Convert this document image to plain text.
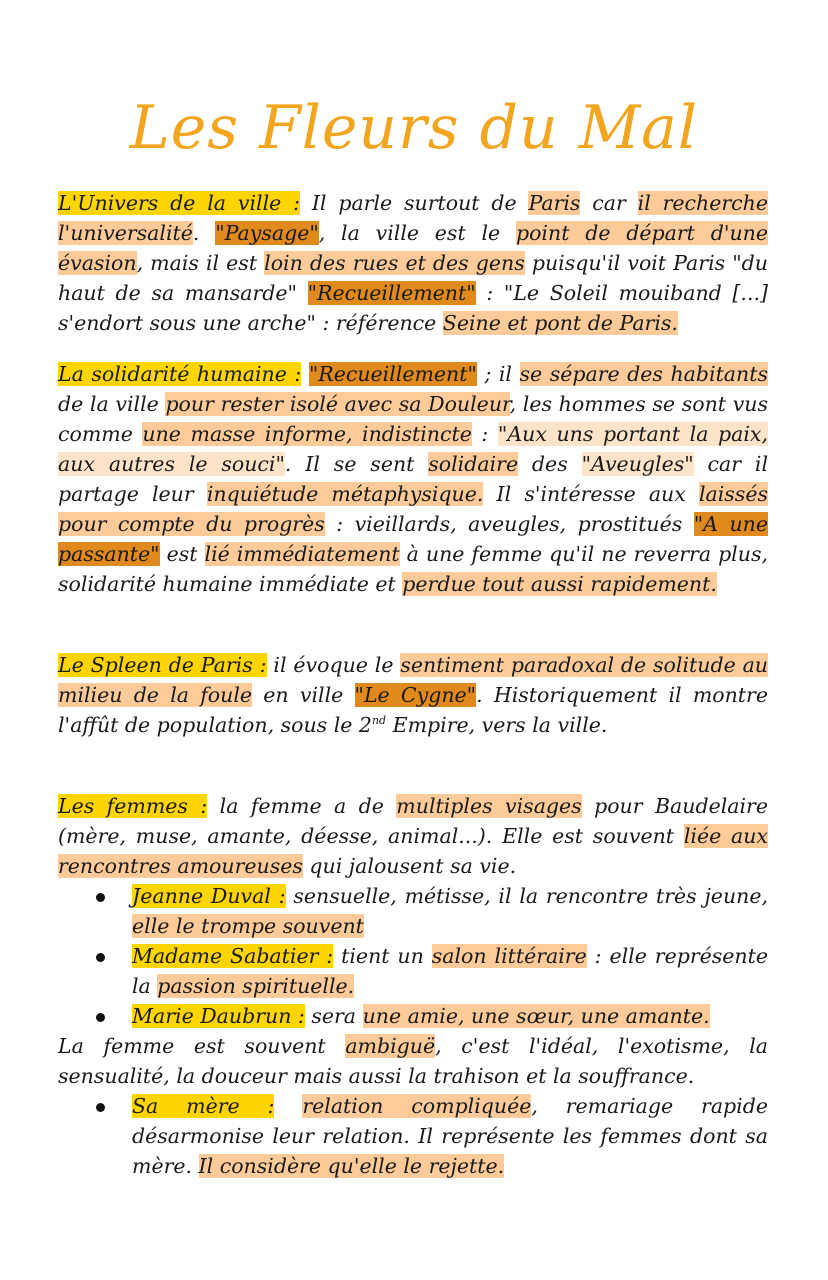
Les Fleurs du Mal
L'Univers de la ville : Il parle surtout de Paris car il recherche l'universalité. "Paysage", la ville est le point de départ d'une évasion, mais il est loin des rues et des gens puisqu'il voit Paris "du haut de sa mansarde" "Recueillement" : "Le Soleil mouiband [...] s'endort sous une arche" : référence Seine et pont de Paris.
La solidarité humaine : "Recueillement" ; il se sépare des habitants de la ville pour rester isolé avec sa Douleur, les hommes se sont vus comme une masse informe, indistincte : "Aux uns portant la paix, aux autres le souci". Il se sent solidaire des "Aveugles" car il partage leur inquiétude métaphysique. Il s'intéresse aux laissés pour compte du progrès : vieillards, aveugles, prostitués "A une passante" est lié immédiatement à une femme qu'il ne reverra plus, solidarité humaine immédiate et perdue tout aussi rapidement.
Le Spleen de Paris : il évoque le sentiment paradoxal de solitude au milieu de la foule en ville "Le Cygne". Historiquement il montre l'affût de population, sous le 2nd Empire, vers la ville.
Les femmes : la femme a de multiples visages pour Baudelaire (mère, muse, amante, déesse, animal...). Elle est souvent liée aux rencontres amoureuses qui jalousent sa vie.
Jeanne Duval : sensuelle, métisse, il la rencontre très jeune, elle le trompe souvent
Madame Sabatier : tient un salon littéraire : elle représente la passion spirituelle.
Marie Daubrun : sera une amie, une sœur, une amante.
La femme est souvent ambiguë, c'est l'idéal, l'exotisme, la sensualité, la douceur mais aussi la trahison et la souffrance.
Sa mère : relation compliquée, remariage rapide désarmonise leur relation. Il représente les femmes dont sa mère. Il considère qu'elle le rejette.
